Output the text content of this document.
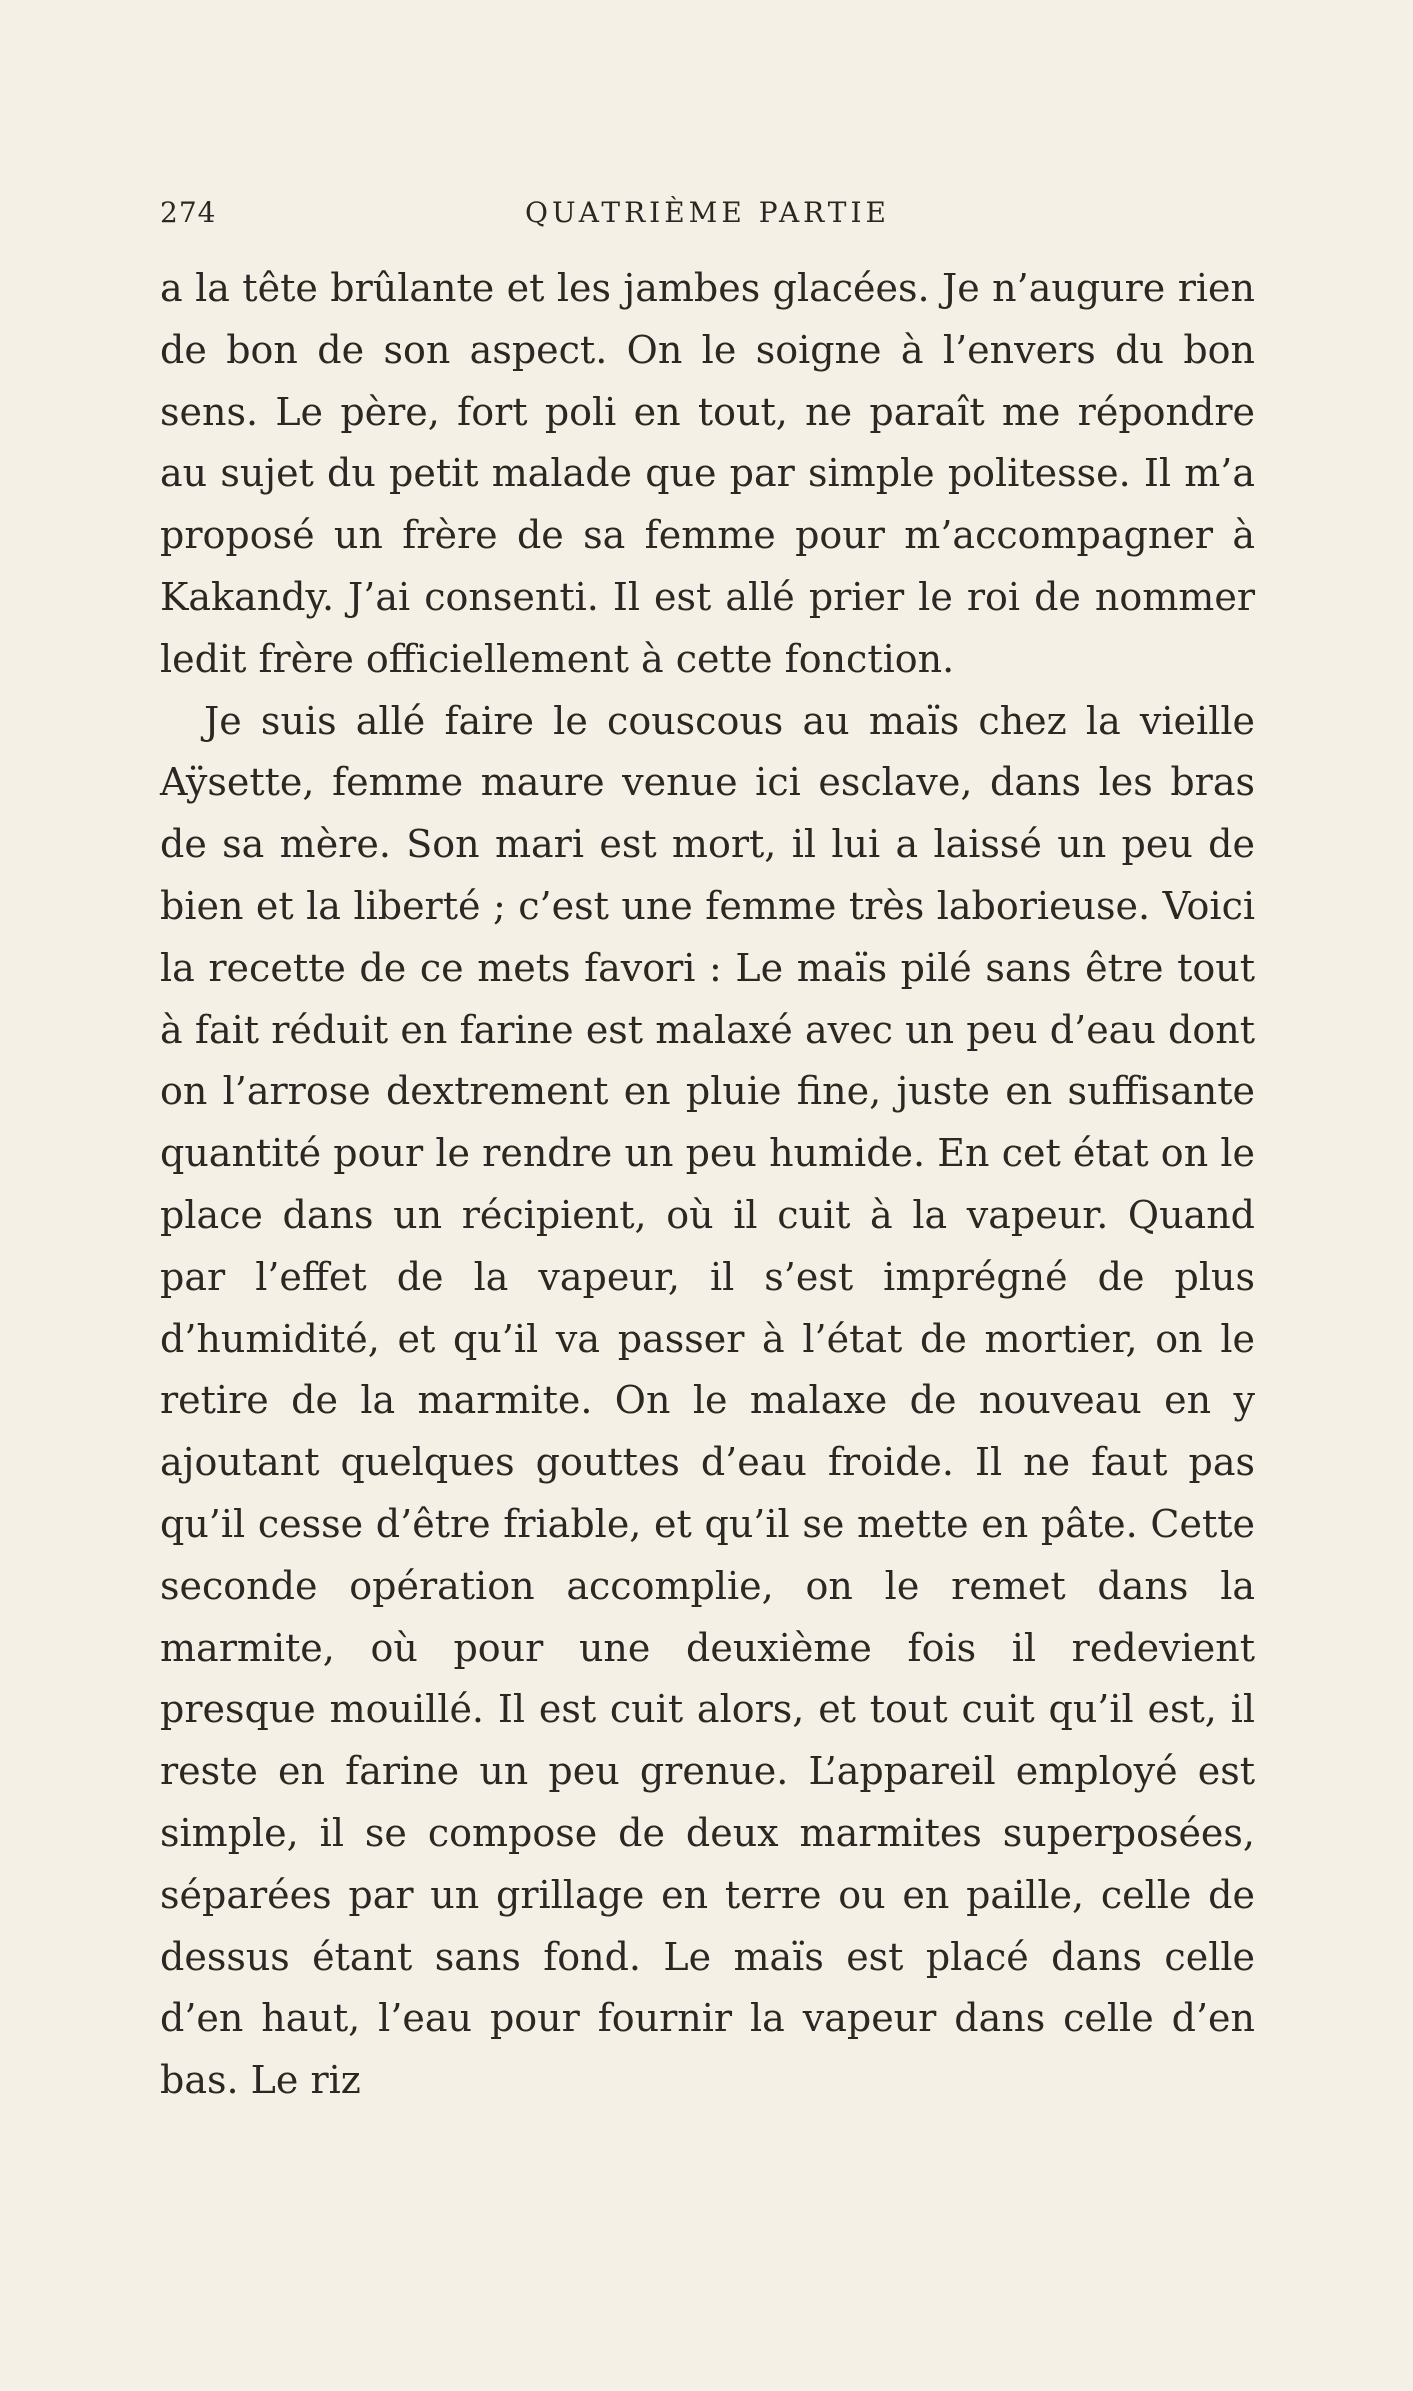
274	QUATRIÈME PARTIE

a la tête brûlante et les jambes glacées. Je n’augure rien de bon de son aspect. On le soigne à l’envers du bon sens. Le père, fort poli en tout, ne paraît me répondre au sujet du petit malade que par simple politesse. Il m’a proposé un frère de sa femme pour m’accompagner à Kakandy. J’ai consenti. Il est allé prier le roi de nommer ledit frère officiellement à cette fonction.

Je suis allé faire le couscous au maïs chez la vieille Aÿsette, femme maure venue ici esclave, dans les bras de sa mère. Son mari est mort, il lui a laissé un peu de bien et la liberté ; c’est une femme très laborieuse. Voici la recette de ce mets favori : Le maïs pilé sans être tout à fait réduit en farine est malaxé avec un peu d’eau dont on l’arrose dextrement en pluie fine, juste en suffisante quantité pour le rendre un peu humide. En cet état on le place dans un récipient, où il cuit à la vapeur. Quand par l’effet de la vapeur, il s’est imprégné de plus d’humidité, et qu’il va passer à l’état de mortier, on le retire de la marmite. On le malaxe de nouveau en y ajoutant quelques gouttes d’eau froide. Il ne faut pas qu’il cesse d’être friable, et qu’il se mette en pâte. Cette seconde opération accomplie, on le remet dans la marmite, où pour une deuxième fois il redevient presque mouillé. Il est cuit alors, et tout cuit qu’il est, il reste en farine un peu grenue. L’appareil employé est simple, il se compose de deux marmites superposées, séparées par un grillage en terre ou en paille, celle de dessus étant sans fond. Le maïs est placé dans celle d’en haut, l’eau pour fournir la vapeur dans celle d’en bas. Le riz
